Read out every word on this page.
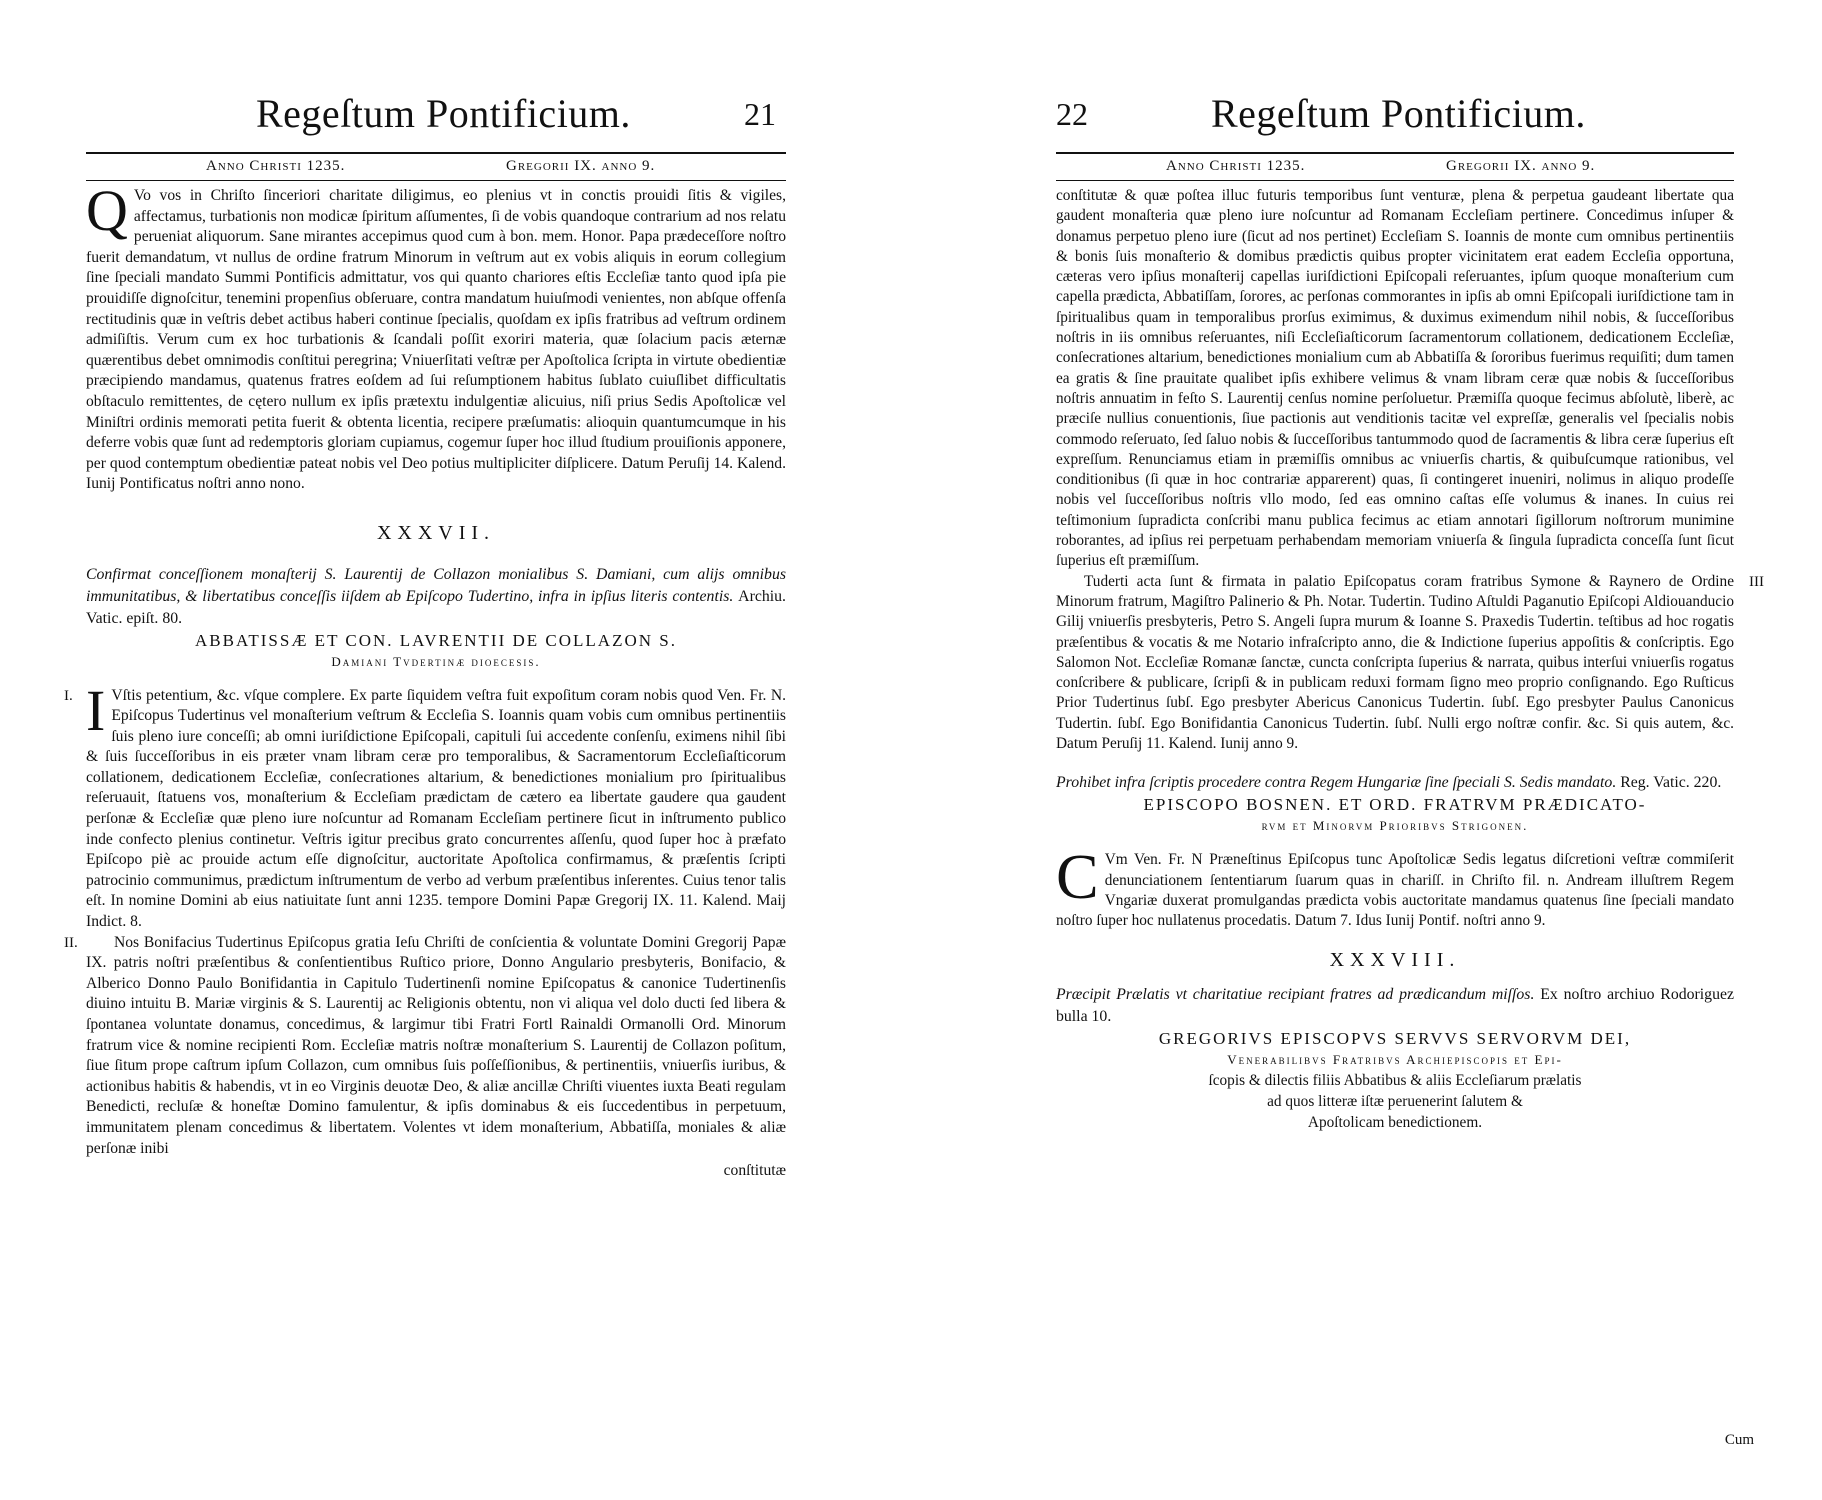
Regeſtum Pontificium.	21
Anno Christi 1235.	Gregorii IX. anno 9.

Q Vo vos in Chriſto ſinceriori charitate diligimus, eo plenius vt in conctis prouidi ſitis & vigiles, affectamus, turbationis non modicæ ſpiritum aſſumentes, ſi de vobis quandoque contrarium ad nos relatu perueniat aliquorum. Sane mirantes accepimus quod cum à bon. mem. Honor. Papa prædeceſſore noſtro fuerit demandatum, vt nullus de ordine fratrum Minorum in veſtrum aut ex vobis aliquis in eorum collegium ſine ſpeciali mandato Summi Pontificis admittatur, vos qui quanto chariores eſtis Eccleſiæ tanto quod ipſa pie prouidiſſe dignoſcitur, tenemini propenſius obſeruare, contra mandatum huiuſmodi venientes, non abſque offenſa rectitudinis quæ in veſtris debet actibus haberi continue ſpecialis, quoſdam ex ipſis fratribus ad veſtrum ordinem admiſiſtis. Verum cum ex hoc turbationis & ſcandali poſſit exoriri materia, quæ ſolacium pacis æternæ quærentibus debet omnimodis conſtitui peregrina; Vniuerſitati veſtræ per Apoſtolica ſcripta in virtute obedientiæ præcipiendo mandamus, quatenus fratres eoſdem ad ſui reſumptionem habitus ſublato cuiuſlibet difficultatis obſtaculo remittentes, de cętero nullum ex ipſis prætextu indulgentiæ alicuius, niſi prius Sedis Apoſtolicæ vel Miniſtri ordinis memorati petita fuerit & obtenta licentia, recipere præſumatis: alioquin quantumcumque in his deferre vobis quæ ſunt ad redemptoris gloriam cupiamus, cogemur ſuper hoc illud ſtudium prouiſionis apponere, per quod contemptum obedientiæ pateat nobis vel Deo potius multipliciter diſplicere. Datum Peruſij 14. Kalend. Iunij Pontificatus noſtri anno nono.

XXXVII.

Confirmat conceſſionem monaſterij S. Laurentij de Collazon monialibus S. Damiani, cum alijs omnibus immunitatibus, & libertatibus conceſſis iiſdem ab Epiſcopo Tudertino, infra in ipſius literis contentis. Archiu. Vatic. epiſt. 80.

ABBATISSÆ ET CON. LAVRENTII DE COLLAZON S.
Damiani Tvdertinæ dioecesis.

I. I Vſtis petentium, &c. vſque complere. Ex parte ſiquidem veſtra fuit expoſitum coram nobis quod Ven. Fr. N. Epiſcopus Tudertinus vel monaſterium veſtrum & Eccleſia S. Ioannis quam vobis cum omnibus pertinentiis ſuis pleno iure conceſſi; ab omni iuriſdictione Epiſcopali, capituli ſui accedente conſenſu, eximens nihil ſibi & ſuis ſucceſſoribus in eis præter vnam libram ceræ pro temporalibus, & Sacramentorum Eccleſiaſticorum collationem, dedicationem Eccleſiæ, conſecrationes altarium, & benedictiones monialium pro ſpiritualibus reſeruauit, ſtatuens vos, monaſterium & Eccleſiam prædictam de cætero ea libertate gaudere qua gaudent perſonæ & Eccleſiæ quæ pleno iure noſcuntur ad Romanam Eccleſiam pertinere ſicut in inſtrumento publico inde confecto plenius continetur. Veſtris igitur precibus grato concurrentes aſſenſu, quod ſuper hoc à præfato Epiſcopo piè ac prouide actum eſſe dignoſcitur, auctoritate Apoſtolica confirmamus, & præſentis ſcripti patrocinio communimus, prædictum inſtrumentum de verbo ad verbum præſentibus inſerentes. Cuius tenor talis eſt. In nomine Domini ab eius natiuitate ſunt anni 1235. tempore Domini Papæ Gregorij IX. 11. Kalend. Maij Indict. 8.

II. Nos Bonifacius Tudertinus Epiſcopus gratia Ieſu Chriſti de conſcientia & voluntate Domini Gregorij Papæ IX. patris noſtri præſentibus & conſentientibus Ruſtico priore, Donno Angulario presbyteris, Bonifacio, & Alberico Donno Paulo Bonifidantia in Capitulo Tudertinenſi nomine Epiſcopatus & canonice Tudertinenſis diuino intuitu B. Mariæ virginis & S. Laurentij ac Religionis obtentu, non vi aliqua vel dolo ducti ſed libera & ſpontanea voluntate donamus, concedimus, & largimur tibi Fratri Fortl Rainaldi Ormanolli Ord. Minorum fratrum vice & nomine recipienti Rom. Eccleſiæ matris noſtræ monaſterium S. Laurentij de Collazon poſitum, ſiue ſitum prope caſtrum ipſum Collazon, cum omnibus ſuis poſſeſſionibus, & pertinentiis, vniuerſis iuribus, & actionibus habitis & habendis, vt in eo Virginis deuotæ Deo, & aliæ ancillæ Chriſti viuentes iuxta Beati regulam Benedicti, recluſæ & honeſtæ Domino famulentur, & ipſis dominabus & eis ſuccedentibus in perpetuum, immunitatem plenam concedimus & libertatem. Volentes vt idem monaſterium, Abbatiſſa, moniales & aliæ perſonæ inibi

conſtitutæ
22	Regeſtum Pontificium.
Anno Christi 1235.	Gregorii IX. anno 9.

conſtitutæ & quæ poſtea illuc futuris temporibus ſunt venturæ, plena & perpetua gaudeant libertate qua gaudent monaſteria quæ pleno iure noſcuntur ad Romanam Eccleſiam pertinere. Concedimus inſuper & donamus perpetuo pleno iure (ſicut ad nos pertinet) Eccleſiam S. Ioannis de monte cum omnibus pertinentiis & bonis ſuis monaſterio & domibus prædictis quibus propter vicinitatem erat eadem Eccleſia opportuna, cæteras vero ipſius monaſterij capellas iuriſdictioni Epiſcopali reſeruantes, ipſum quoque monaſterium cum capella prædicta, Abbatiſſam, ſorores, ac perſonas commorantes in ipſis ab omni Epiſcopali iuriſdictione tam in ſpiritualibus quam in temporalibus prorſus eximimus, & duximus eximendum nihil nobis, & ſucceſſoribus noſtris in iis omnibus reſeruantes, niſi Eccleſiaſticorum ſacramentorum collationem, dedicationem Eccleſiæ, conſecrationes altarium, benedictiones monialium cum ab Abbatiſſa & ſororibus fuerimus requiſiti; dum tamen ea gratis & ſine prauitate qualibet ipſis exhibere velimus & vnam libram ceræ quæ nobis & ſucceſſoribus noſtris annuatim in feſto S. Laurentij cenſus nomine perſoluetur. Præmiſſa quoque fecimus abſolutè, liberè, ac præciſe nullius conuentionis, ſiue pactionis aut venditionis tacitæ vel expreſſæ, generalis vel ſpecialis nobis commodo reſeruato, ſed ſaluo nobis & ſucceſſoribus tantummodo quod de ſacramentis & libra ceræ ſuperius eſt expreſſum. Renunciamus etiam in præmiſſis omnibus ac vniuerſis chartis, & quibuſcumque rationibus, vel conditionibus (ſi quæ in hoc contrariæ apparerent) quas, ſi contingeret inueniri, nolimus in aliquo prodeſſe nobis vel ſucceſſoribus noſtris vllo modo, ſed eas omnino caſtas eſſe volumus & inanes. In cuius rei teſtimonium ſupradicta conſcribi manu publica fecimus ac etiam annotari ſigillorum noſtrorum munimine roborantes, ad ipſius rei perpetuam perhabendam memoriam vniuerſa & ſingula ſupradicta conceſſa ſunt ſicut ſuperius eſt præmiſſum.

III
Tuderti acta ſunt & firmata in palatio Epiſcopatus coram fratribus Symone & Raynero de Ordine Minorum fratrum, Magiſtro Palinerio & Ph. Notar. Tudertin. Tudino Aſtuldi Paganutio Epiſcopi Aldiouanducio Gilij vniuerſis presbyteris, Petro S. Angeli ſupra murum & Ioanne S. Praxedis Tudertin. teſtibus ad hoc rogatis præſentibus & vocatis & me Notario infraſcripto anno, die & Indictione ſuperius appoſitis & conſcriptis. Ego Salomon Not. Eccleſiæ Romanæ ſanctæ, cuncta conſcripta ſuperius & narrata, quibus interſui vniuerſis rogatus conſcribere & publicare, ſcripſi & in publicam reduxi formam ſigno meo proprio conſignando. Ego Ruſticus Prior Tudertinus ſubſ. Ego presbyter Abericus Canonicus Tudertin. ſubſ. Ego presbyter Paulus Canonicus Tudertin. ſubſ. Ego Bonifidantia Canonicus Tudertin. ſubſ. Nulli ergo noſtræ confir. &c. Si quis autem, &c. Datum Peruſij 11. Kalend. Iunij anno 9.

Prohibet infra ſcriptis procedere contra Regem Hungariæ ſine ſpeciali S. Sedis mandato. Reg. Vatic. 220.

EPISCOPO BOSNEN. ET ORD. FRATRVM PRÆDICATO-
rvm et Minorvm Prioribvs Strigonen.

C Vm Ven. Fr. N Præneſtinus Epiſcopus tunc Apoſtolicæ Sedis legatus diſcretioni veſtræ commiſerit denunciationem ſententiarum ſuarum quas in chariſſ. in Chriſto fil. n. Andream illuſtrem Regem Vngariæ duxerat promulgandas prædicta vobis auctoritate mandamus quatenus ſine ſpeciali mandato noſtro ſuper hoc nullatenus procedatis. Datum 7. Idus Iunij Pontif. noſtri anno 9.

XXXVIII.

Præcipit Prælatis vt charitatiue recipiant fratres ad prædicandum miſſos. Ex noſtro archiuo Rodoriguez bulla 10.

GREGORIVS EPISCOPVS SERVVS SERVORVM DEI,
Venerabilibvs Fratribvs Archiepiscopis et Epi-
ſcopis & dilectis filiis Abbatibus & aliis Eccleſiarum prælatis
ad quos litteræ iſtæ peruenerint ſalutem &
Apoſtolicam benedictionem.
Cum
